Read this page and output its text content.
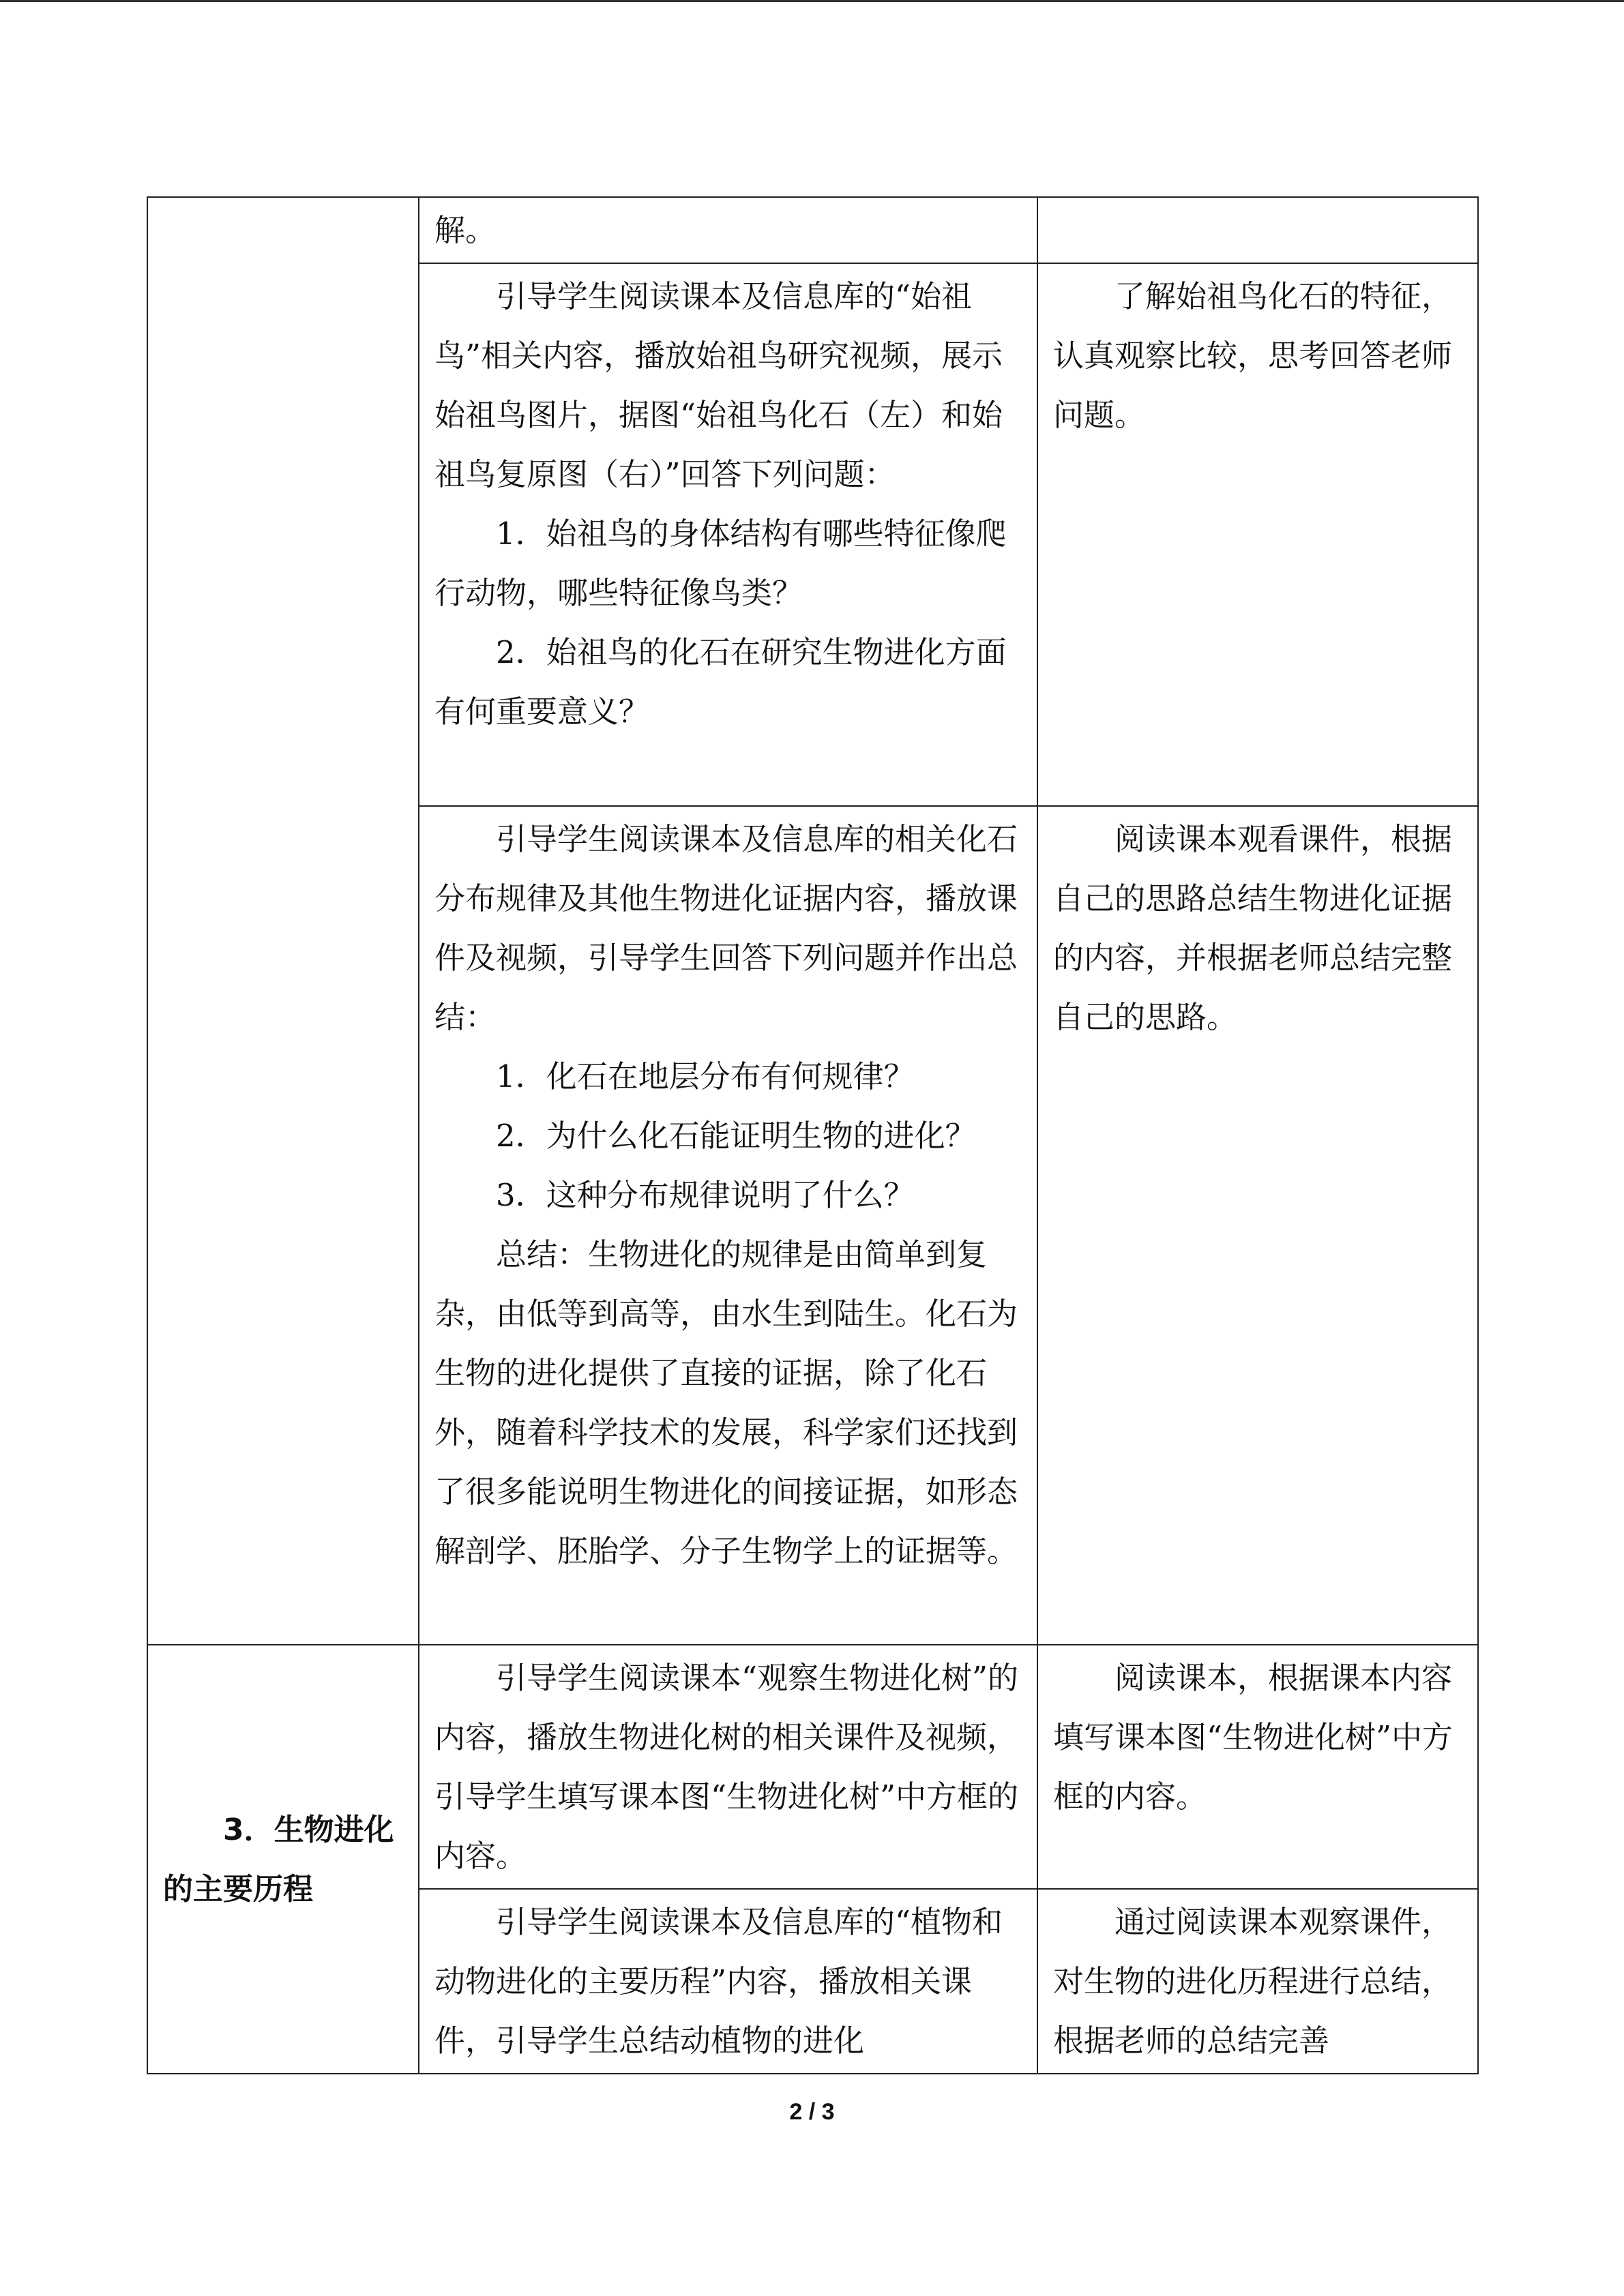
	解。	

	引导学生阅读课本及信息库的“始祖鸟”相关内容，播放始祖鸟研究视频，展示始祖鸟图片，据图“始祖鸟化石（左）和始祖鸟复原图（右）”回答下列问题：

1．始祖鸟的身体结构有哪些特征像爬行动物，哪些特征像鸟类？

2．始祖鸟的化石在研究生物进化方面有何重要意义？	了解始祖鸟化石的特征，认真观察比较，思考回答老师问题。

	引导学生阅读课本及信息库的相关化石分布规律及其他生物进化证据内容，播放课件及视频，引导学生回答下列问题并作出总结：

1．化石在地层分布有何规律？

2．为什么化石能证明生物的进化？

3．这种分布规律说明了什么？

总结：生物进化的规律是由简单到复杂，由低等到高等，由水生到陆生。化石为生物的进化提供了直接的证据，除了化石外，随着科学技术的发展，科学家们还找到了很多能说明生物进化的间接证据，如形态解剖学、胚胎学、分子生物学上的证据等。	阅读课本观看课件，根据自己的思路总结生物进化证据的内容，并根据老师总结完整自己的思路。

3．生物进化的主要历程	引导学生阅读课本“观察生物进化树”的内容，播放生物进化树的相关课件及视频，引导学生填写课本图“生物进化树”中方框的内容。	阅读课本，根据课本内容填写课本图“生物进化树”中方框的内容。

	引导学生阅读课本及信息库的“植物和动物进化的主要历程”内容，播放相关课件，引导学生总结动植物的进化	通过阅读课本观察课件，对生物的进化历程进行总结，根据老师的总结完善

2 / 3
